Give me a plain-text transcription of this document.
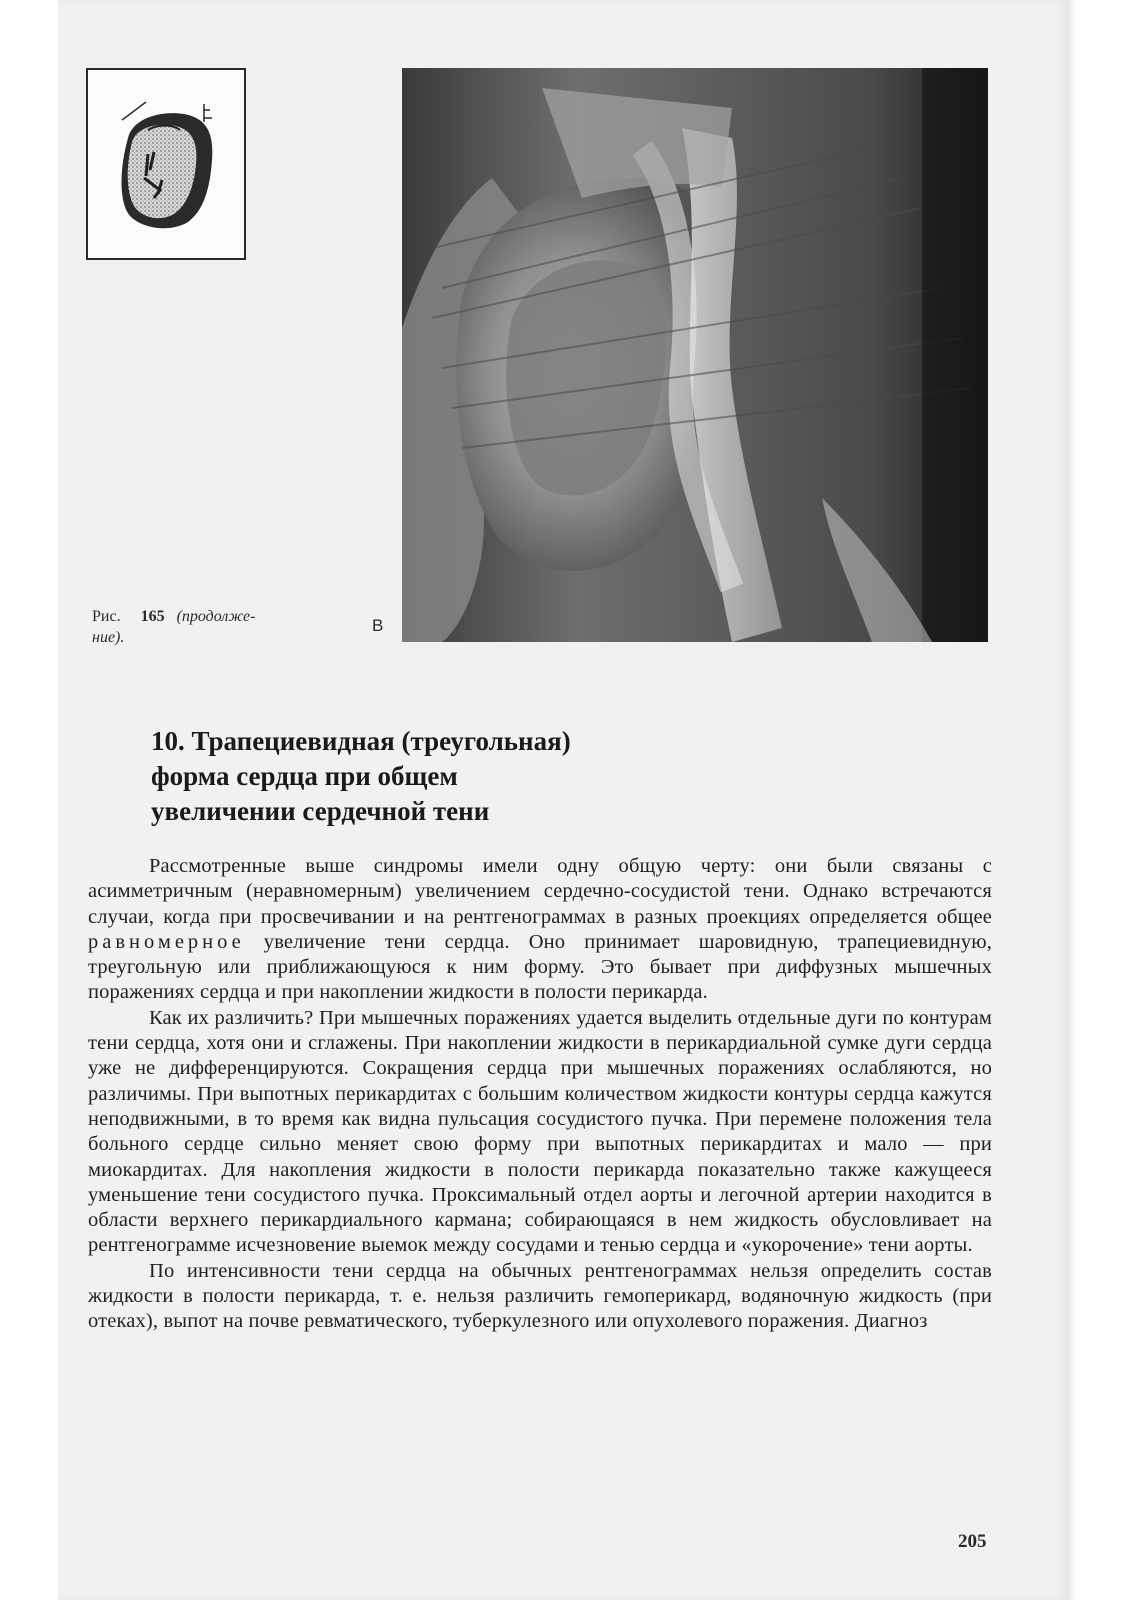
Рис. 165 (продолже-
ние).
В
10. Трапециевидная (треугольная)
форма сердца при общем
увеличении сердечной тени

Рассмотренные выше синдромы имели одну общую черту: они были связаны с асимметричным (неравномерным) увеличением сердечно-сосудистой тени. Однако встречаются случаи, когда при просвечивании и на рентгенограммах в разных проекциях определяется общее равномерное увеличение тени сердца. Оно принимает шаровидную, трапециевидную, треугольную или приближающуюся к ним форму. Это бывает при диффузных мышечных поражениях сердца и при накоплении жидкости в полости перикарда.

Как их различить? При мышечных поражениях удается выделить отдельные дуги по контурам тени сердца, хотя они и сглажены. При накоплении жидкости в перикардиальной сумке дуги сердца уже не дифференцируются. Сокращения сердца при мышечных поражениях ослабляются, но различимы. При выпотных перикардитах с большим количеством жидкости контуры сердца кажутся неподвижными, в то время как видна пульсация сосудистого пучка. При перемене положения тела больного сердце сильно меняет свою форму при выпотных перикардитах и мало — при миокардитах. Для накопления жидкости в полости перикарда показательно также кажущееся уменьшение тени сосудистого пучка. Проксимальный отдел аорты и легочной артерии находится в области верхнего перикардиального кармана; собирающаяся в нем жидкость обусловливает на рентгенограмме исчезновение выемок между сосудами и тенью сердца и «укорочение» тени аорты.

По интенсивности тени сердца на обычных рентгенограммах нельзя определить состав жидкости в полости перикарда, т. е. нельзя различить гемоперикард, водяночную жидкость (при отеках), выпот на почве ревматического, туберкулезного или опухолевого поражения. Диагноз

205
